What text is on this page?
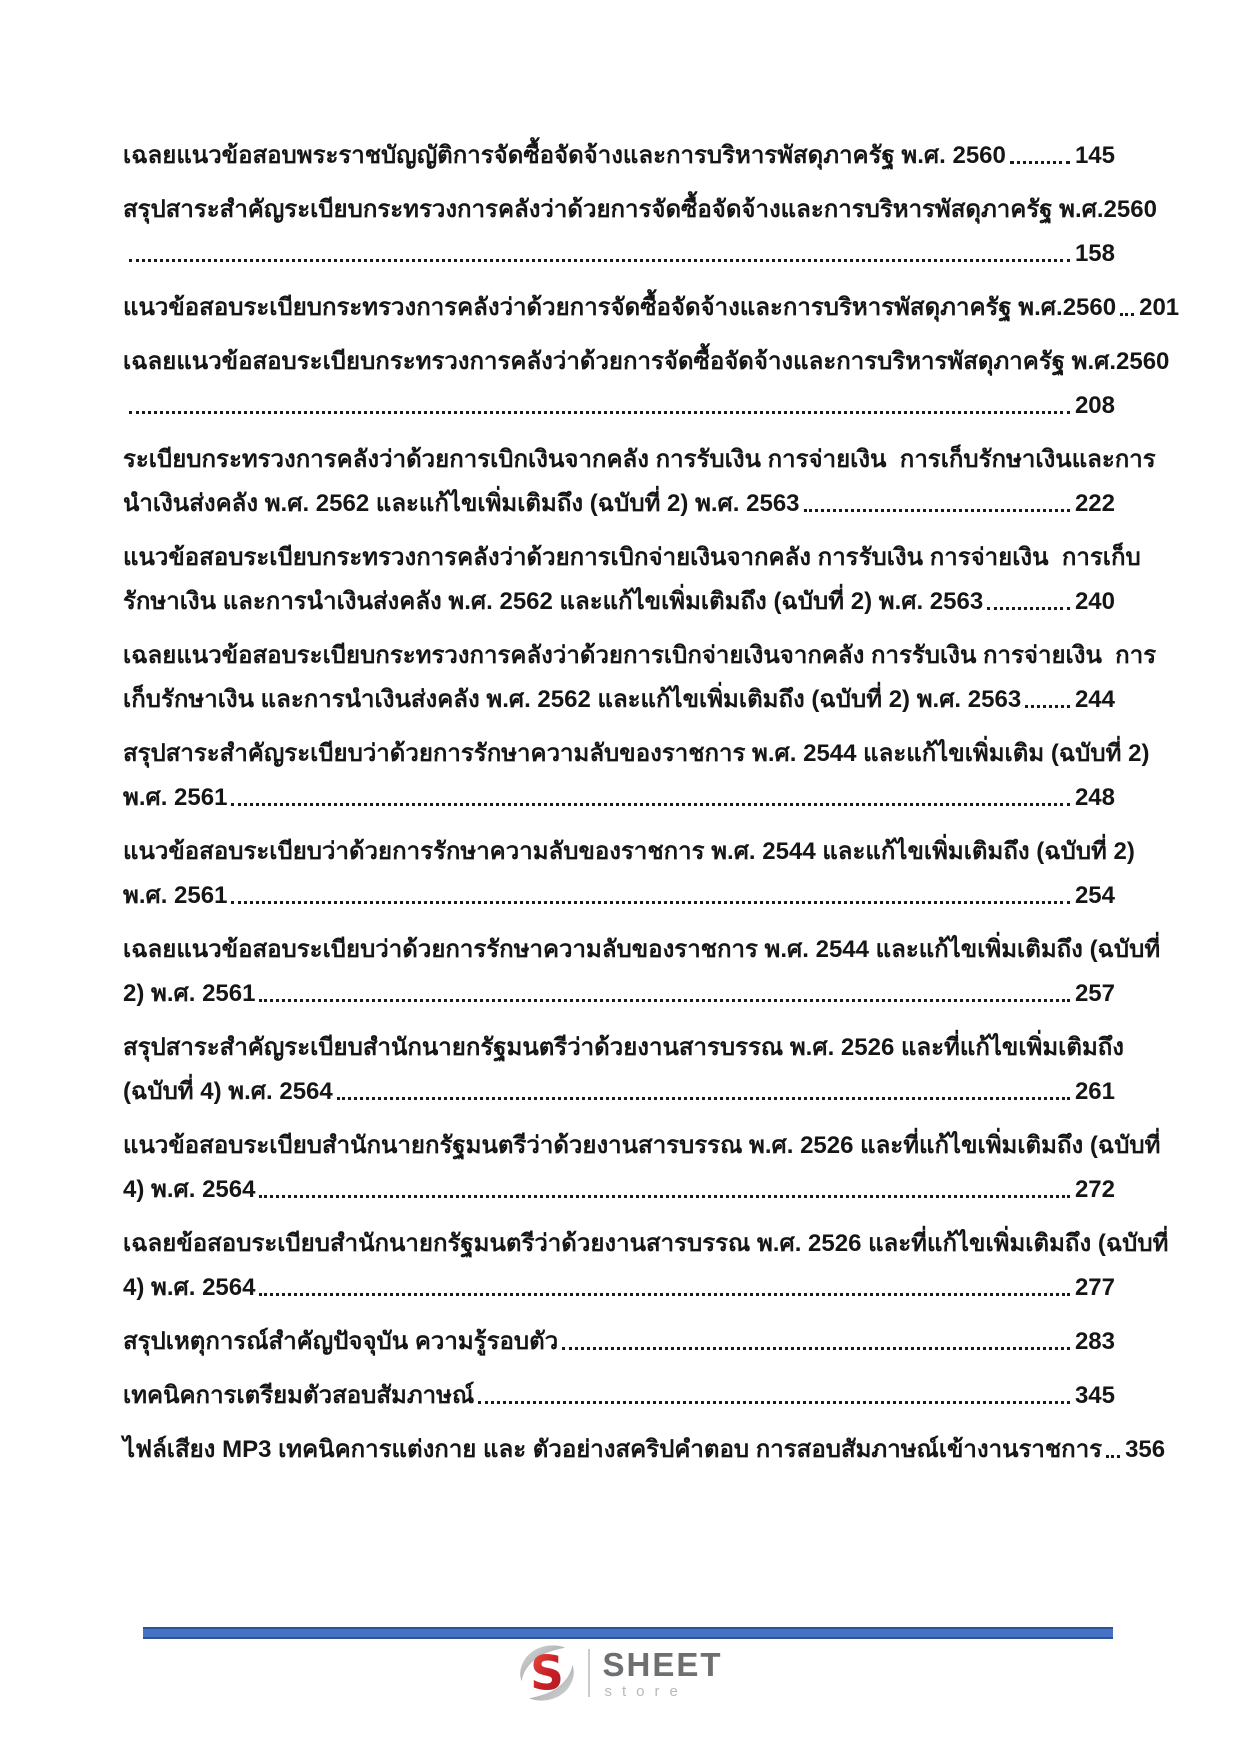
เฉลยแนวข้อสอบพระราชบัญญัติการจัดซื้อจัดจ้างและการบริหารพัสดุภาครัฐ พ.ศ. 2560	145
สรุปสาระสำคัญระเบียบกระทรวงการคลังว่าด้วยการจัดซื้อจัดจ้างและการบริหารพัสดุภาครัฐ พ.ศ.2560
158
แนวข้อสอบระเบียบกระทรวงการคลังว่าด้วยการจัดซื้อจัดจ้างและการบริหารพัสดุภาครัฐ พ.ศ.2560 201
เฉลยแนวข้อสอบระเบียบกระทรวงการคลังว่าด้วยการจัดซื้อจัดจ้างและการบริหารพัสดุภาครัฐ พ.ศ.2560
208
ระเบียบกระทรวงการคลังว่าด้วยการเบิกเงินจากคลัง การรับเงิน การจ่ายเงิน  การเก็บรักษาเงินและการ
นำเงินส่งคลัง พ.ศ. 2562 และแก้ไขเพิ่มเติมถึง (ฉบับที่ 2) พ.ศ. 2563	222
แนวข้อสอบระเบียบกระทรวงการคลังว่าด้วยการเบิกจ่ายเงินจากคลัง การรับเงิน การจ่ายเงิน  การเก็บ
รักษาเงิน และการนำเงินส่งคลัง พ.ศ. 2562 และแก้ไขเพิ่มเติมถึง (ฉบับที่ 2) พ.ศ. 2563	240
เฉลยแนวข้อสอบระเบียบกระทรวงการคลังว่าด้วยการเบิกจ่ายเงินจากคลัง การรับเงิน การจ่ายเงิน  การ
เก็บรักษาเงิน และการนำเงินส่งคลัง พ.ศ. 2562 และแก้ไขเพิ่มเติมถึง (ฉบับที่ 2) พ.ศ. 2563 244
สรุปสาระสำคัญระเบียบว่าด้วยการรักษาความลับของราชการ พ.ศ. 2544 และแก้ไขเพิ่มเติม (ฉบับที่ 2)
พ.ศ. 2561	248
แนวข้อสอบระเบียบว่าด้วยการรักษาความลับของราชการ พ.ศ. 2544 และแก้ไขเพิ่มเติมถึง (ฉบับที่ 2)
พ.ศ. 2561	254
เฉลยแนวข้อสอบระเบียบว่าด้วยการรักษาความลับของราชการ พ.ศ. 2544 และแก้ไขเพิ่มเติมถึง (ฉบับที่
2) พ.ศ. 2561	257
สรุปสาระสำคัญระเบียบสำนักนายกรัฐมนตรีว่าด้วยงานสารบรรณ พ.ศ. 2526 และที่แก้ไขเพิ่มเติมถึง
(ฉบับที่ 4) พ.ศ. 2564	261
แนวข้อสอบระเบียบสำนักนายกรัฐมนตรีว่าด้วยงานสารบรรณ พ.ศ. 2526 และที่แก้ไขเพิ่มเติมถึง (ฉบับที่
4) พ.ศ. 2564	272
เฉลยข้อสอบระเบียบสำนักนายกรัฐมนตรีว่าด้วยงานสารบรรณ พ.ศ. 2526 และที่แก้ไขเพิ่มเติมถึง (ฉบับที่
4) พ.ศ. 2564	277
สรุปเหตุการณ์สำคัญปัจจุบัน ความรู้รอบตัว	283
เทคนิคการเตรียมตัวสอบสัมภาษณ์	345
ไฟล์เสียง MP3 เทคนิคการแต่งกาย และ ตัวอย่างสคริปคำตอบ การสอบสัมภาษณ์เข้างานราชการ 356
S SHEET
store
